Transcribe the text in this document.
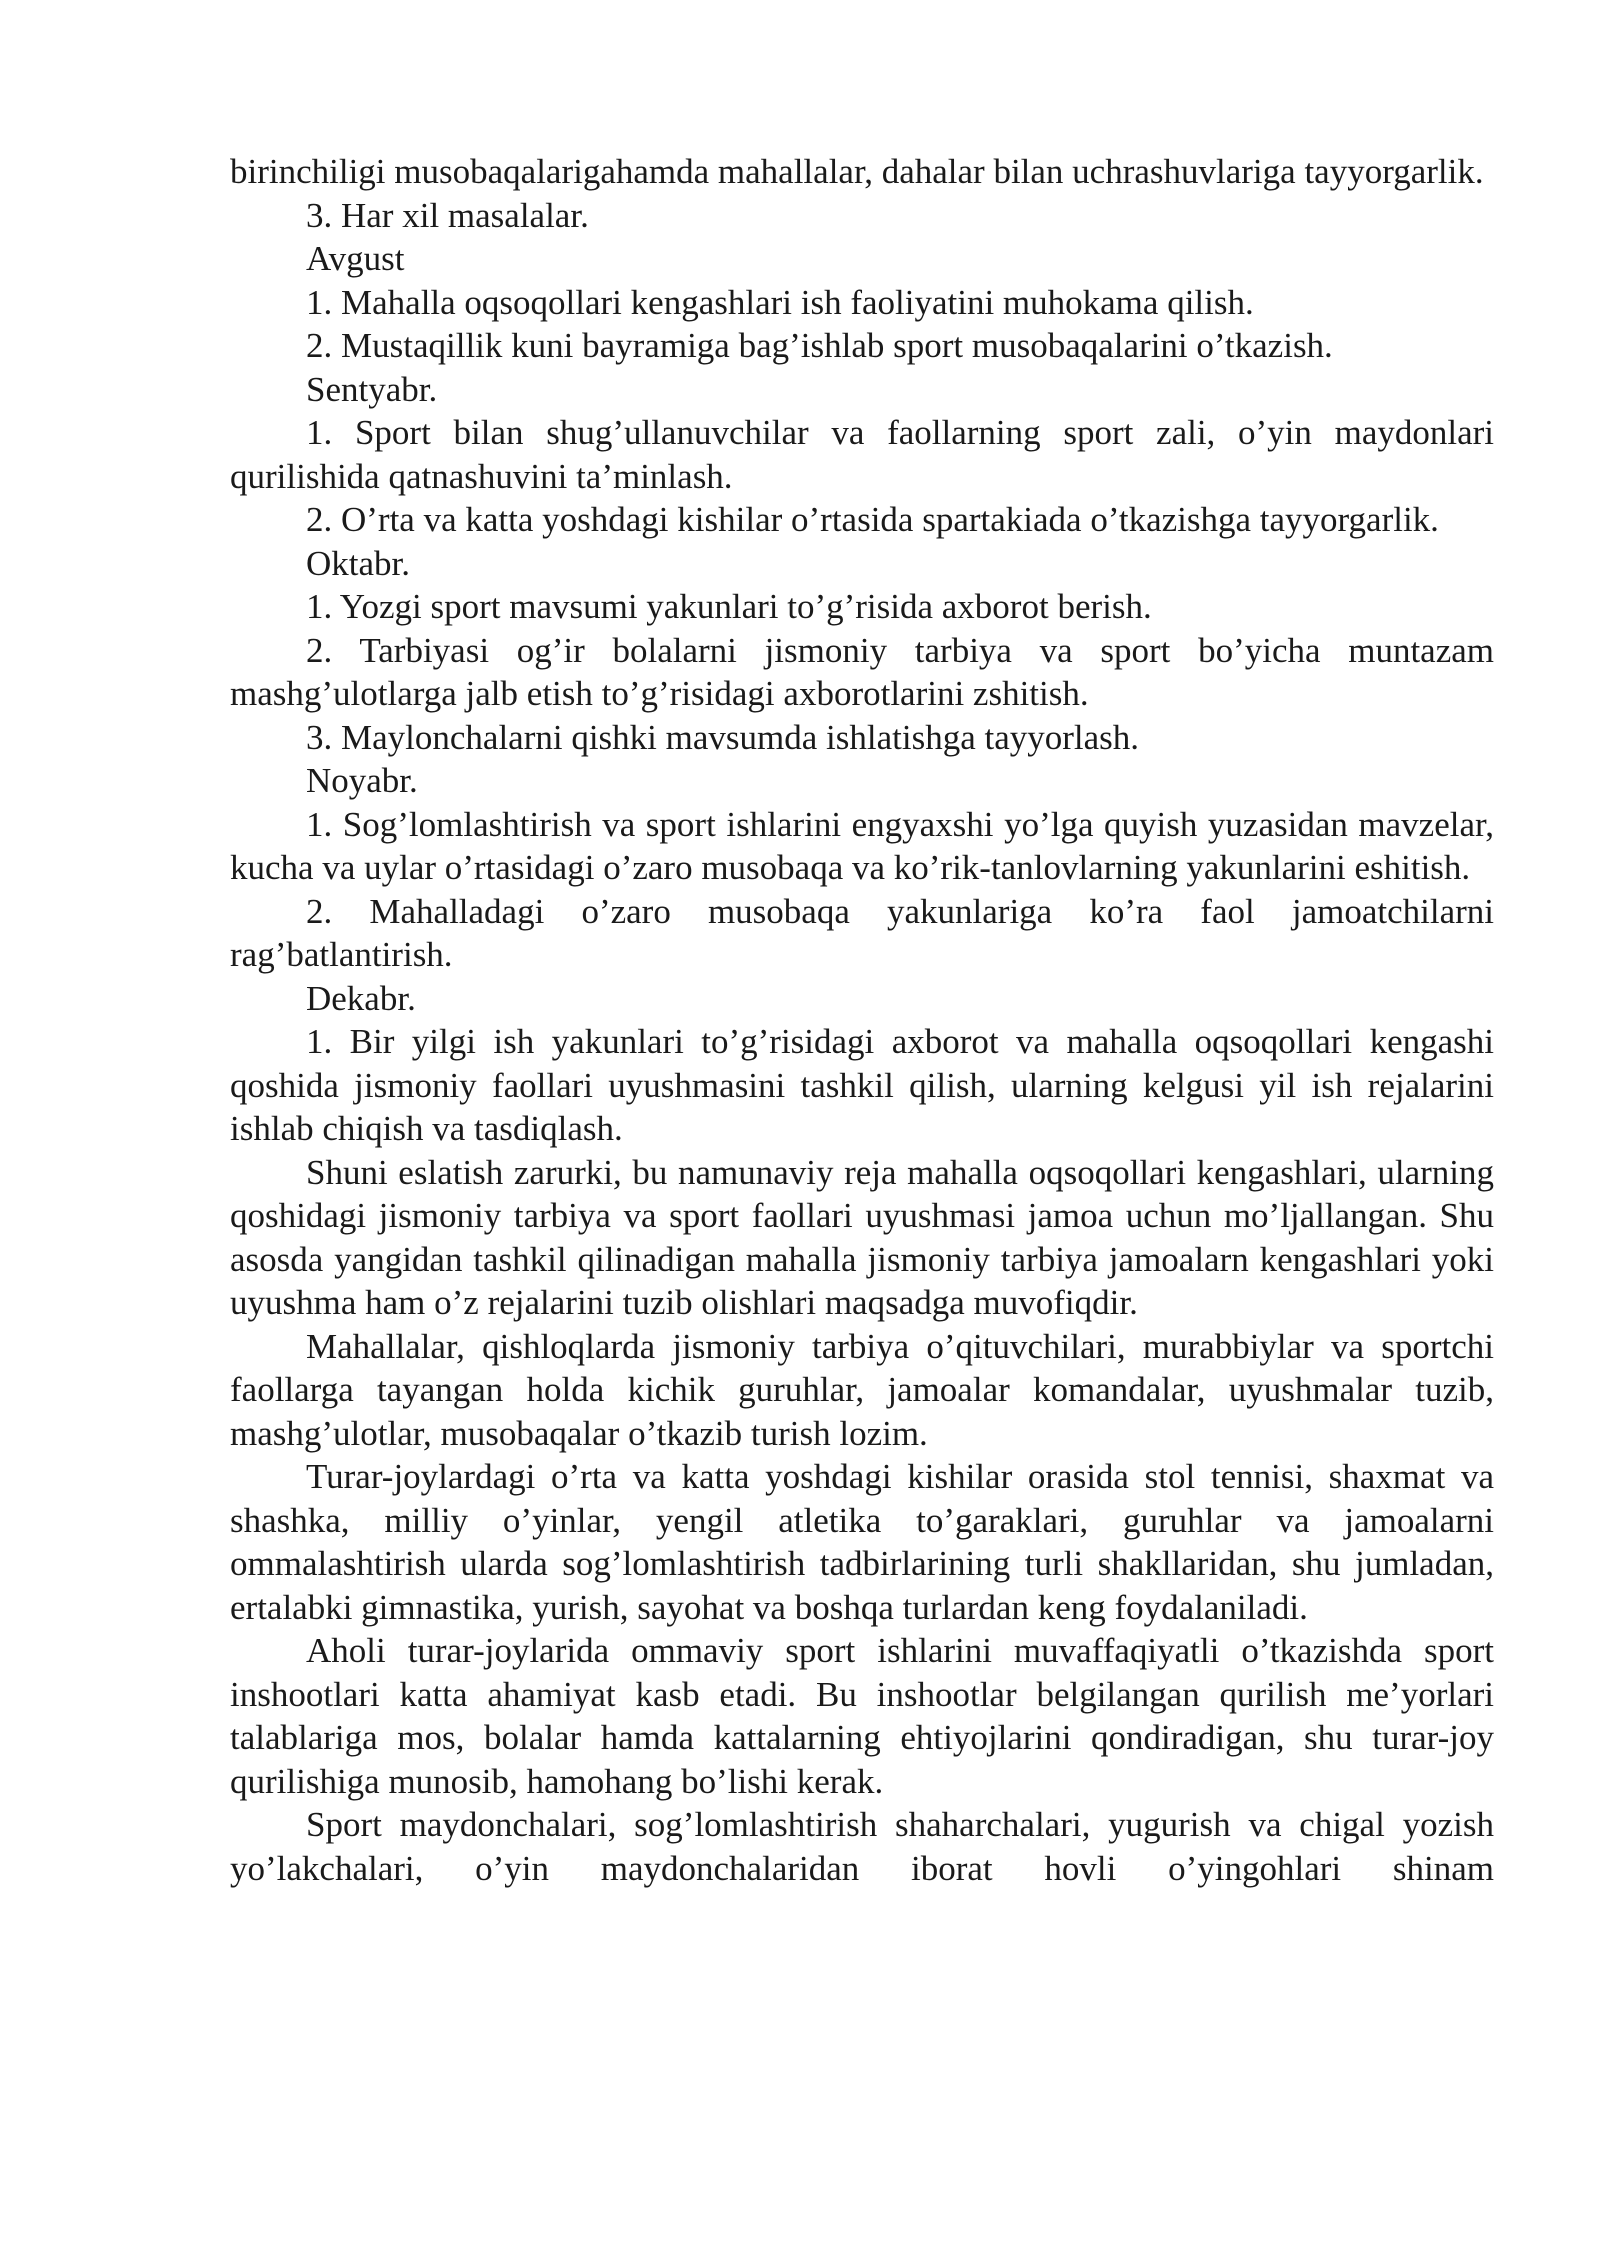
birinchiligi musobaqalarigahamda mahallalar, dahalar bilan uchrashuvlariga tayyorgarlik.

3. Har xil masalalar.

Avgust

1. Mahalla oqsoqollari kengashlari ish faoliyatini muhokama qilish.

2. Mustaqillik kuni bayramiga bag’ishlab sport musobaqalarini o’tkazish.

Sentyabr.

1. Sport bilan shug’ullanuvchilar va faollarning sport zali, o’yin maydonlari qurilishida qatnashuvini ta’minlash.

2. O’rta va katta yoshdagi kishilar o’rtasida spartakiada o’tkazishga tayyorgarlik.

Oktabr.

1. Yozgi sport mavsumi yakunlari to’g’risida axborot berish.

2. Tarbiyasi og’ir bolalarni jismoniy tarbiya va sport bo’yicha muntazam mashg’ulotlarga jalb etish to’g’risidagi axborotlarini zshitish.

3. Maylonchalarni qishki mavsumda ishlatishga tayyorlash.

Noyabr.

1. Sog’lomlashtirish va sport ishlarini engyaxshi yo’lga quyish yuzasidan mavzelar, kucha va uylar o’rtasidagi o’zaro musobaqa va ko’rik-tanlovlarning yakunlarini eshitish.

2. Mahalladagi o’zaro musobaqa yakunlariga ko’ra faol jamoatchilarni rag’batlantirish.

Dekabr.

1. Bir yilgi ish yakunlari to’g’risidagi axborot va mahalla oqsoqollari kengashi qoshida jismoniy faollari uyushmasini tashkil qilish, ularning kelgusi yil ish rejalarini ishlab chiqish va tasdiqlash.

Shuni eslatish zarurki, bu namunaviy reja mahalla oqsoqollari kengashlari, ularning qoshidagi jismoniy tarbiya va sport faollari uyushmasi jamoa uchun mo’ljallangan. Shu asosda yangidan tashkil qilinadigan mahalla jismoniy tarbiya jamoalarn kengashlari yoki uyushma ham o’z rejalarini tuzib olishlari maqsadga muvofiqdir.

Mahallalar, qishloqlarda jismoniy tarbiya o’qituvchilari, murabbiylar va sportchi faollarga tayangan holda kichik guruhlar, jamoalar komandalar, uyushmalar tuzib, mashg’ulotlar, musobaqalar o’tkazib turish lozim.

Turar-joylardagi o’rta va katta yoshdagi kishilar orasida stol tennisi, shaxmat va shashka, milliy o’yinlar, yengil atletika to’garaklari, guruhlar va jamoalarni ommalashtirish ularda sog’lomlashtirish tadbirlarining turli shakllaridan, shu jumladan, ertalabki gimnastika, yurish, sayohat va boshqa turlardan keng foydalaniladi.

Aholi turar-joylarida ommaviy sport ishlarini muvaffaqiyatli o’tkazishda sport inshootlari katta ahamiyat kasb etadi. Bu inshootlar belgilangan qurilish me’yorlari talablariga mos, bolalar hamda kattalarning ehtiyojlarini qondiradigan, shu turar-joy qurilishiga munosib, hamohang bo’lishi kerak.

Sport maydonchalari, sog’lomlashtirish shaharchalari, yugurish va chigal yozish yo’lakchalari, o’yin maydonchalaridan iborat hovli o’yingohlari shinam
